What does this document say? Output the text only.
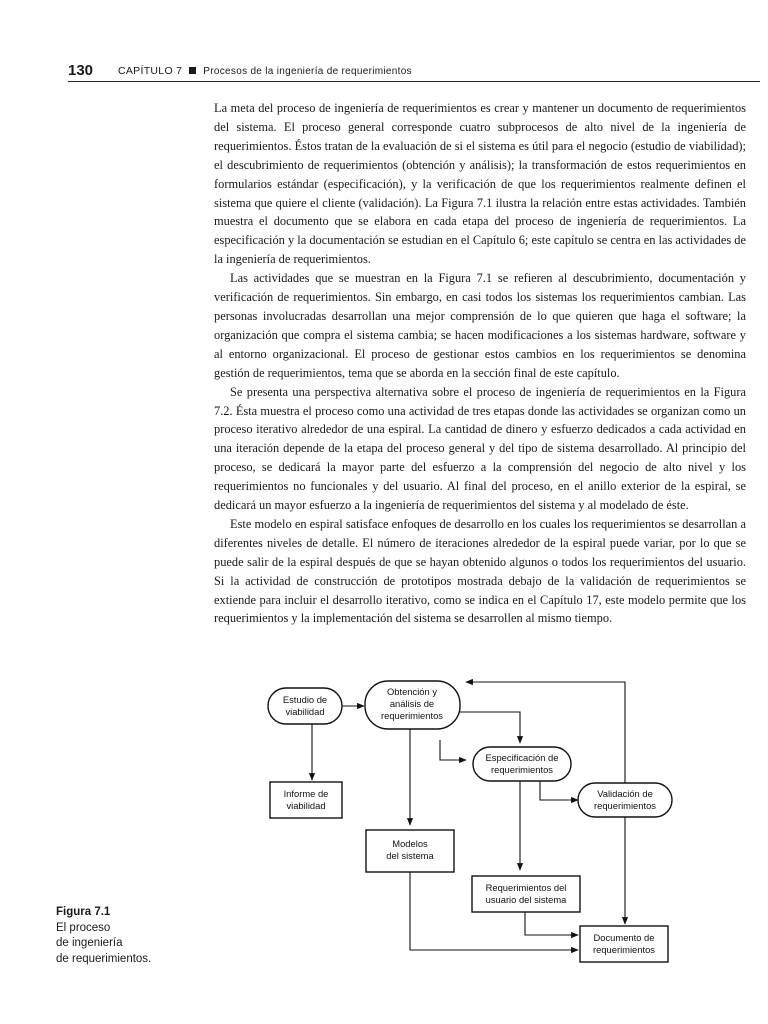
130 CAPÍTULO 7 Procesos de la ingeniería de requerimientos

La meta del proceso de ingeniería de requerimientos es crear y mantener un documento de requerimientos del sistema. El proceso general corresponde cuatro subprocesos de alto nivel de la ingeniería de requerimientos. Éstos tratan de la evaluación de si el sistema es útil para el negocio (estudio de viabilidad); el descubrimiento de requerimientos (obtención y análisis); la transformación de estos requerimientos en formularios estándar (especificación), y la verificación de que los requerimientos realmente definen el sistema que quiere el cliente (validación). La Figura 7.1 ilustra la relación entre estas actividades. También muestra el documento que se elabora en cada etapa del proceso de ingeniería de requerimientos. La especificación y la documentación se estudian en el Capítulo 6; este capítulo se centra en las actividades de la ingeniería de requerimientos.

Las actividades que se muestran en la Figura 7.1 se refieren al descubrimiento, documentación y verificación de requerimientos. Sin embargo, en casi todos los sistemas los requerimientos cambian. Las personas involucradas desarrollan una mejor comprensión de lo que quieren que haga el software; la organización que compra el sistema cambia; se hacen modificaciones a los sistemas hardware, software y al entorno organizacional. El proceso de gestionar estos cambios en los requerimientos se denomina gestión de requerimientos, tema que se aborda en la sección final de este capítulo.

Se presenta una perspectiva alternativa sobre el proceso de ingeniería de requerimientos en la Figura 7.2. Ésta muestra el proceso como una actividad de tres etapas donde las actividades se organizan como un proceso iterativo alrededor de una espiral. La cantidad de dinero y esfuerzo dedicados a cada actividad en una iteración depende de la etapa del proceso general y del tipo de sistema desarrollado. Al principio del proceso, se dedicará la mayor parte del esfuerzo a la comprensión del negocio de alto nivel y los requerimientos no funcionales y del usuario. Al final del proceso, en el anillo exterior de la espiral, se dedicará un mayor esfuerzo a la ingeniería de requerimientos del sistema y al modelado de éste.

Este modelo en espiral satisface enfoques de desarrollo en los cuales los requerimientos se desarrollan a diferentes niveles de detalle. El número de iteraciones alrededor de la espiral puede variar, por lo que se puede salir de la espiral después de que se hayan obtenido algunos o todos los requerimientos del usuario. Si la actividad de construcción de prototipos mostrada debajo de la validación de requerimientos se extiende para incluir el desarrollo iterativo, como se indica en el Capítulo 17, este modelo permite que los requerimientos y la implementación del sistema se desarrollen al mismo tiempo.

Estudio de
viabilidad
Obtención y
análisis de
requerimientos
Especificación de
requerimientos
Validación de
requerimientos
Informe de
viabilidad
Modelos
del sistema
Requerimientos del
usuario del sistema
Documento de
requerimientos
Figura 7.1
El proceso
de ingeniería
de requerimientos.
